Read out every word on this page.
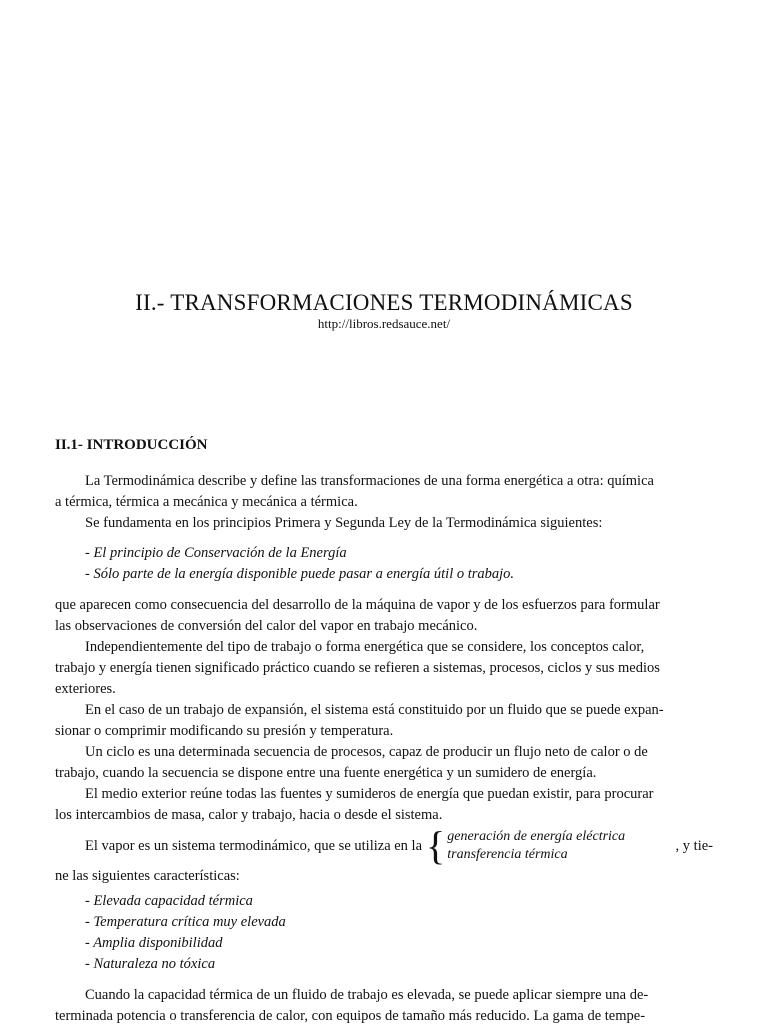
II.- TRANSFORMACIONES TERMODINÁMICAS
http://libros.redsauce.net/
II.1- INTRODUCCIÓN

La Termodinámica describe y define las transformaciones de una forma energética a otra: química

a térmica, térmica a mecánica y mecánica a térmica.

Se fundamenta en los principios Primera y Segunda Ley de la Termodinámica siguientes:

- El principio de Conservación de la Energía

- Sólo parte de la energía disponible puede pasar a energía útil o trabajo.

que aparecen como consecuencia del desarrollo de la máquina de vapor y de los esfuerzos para formular

las observaciones de conversión del calor del vapor en trabajo mecánico.

Independientemente del tipo de trabajo o forma energética que se considere, los conceptos calor,

trabajo y energía tienen significado práctico cuando se refieren a sistemas, procesos, ciclos y sus medios

exteriores.

En el caso de un trabajo de expansión, el sistema está constituido por un fluido que se puede expan-

sionar o comprimir modificando su presión y temperatura.

Un ciclo es una determinada secuencia de procesos, capaz de producir un flujo neto de calor o de

trabajo, cuando la secuencia se dispone entre una fuente energética y un sumidero de energía.

El medio exterior reúne todas las fuentes y sumideros de energía que puedan existir, para procurar

los intercambios de masa, calor y trabajo, hacia o desde el sistema.

El vapor es un sistema termodinámico, que se utiliza en la { generación de energía eléctrica
transferencia térmica
, y tie-

ne las siguientes características:

- Elevada capacidad térmica

- Temperatura crítica muy elevada

- Amplia disponibilidad

- Naturaleza no tóxica

Cuando la capacidad térmica de un fluido de trabajo es elevada, se puede aplicar siempre una de-

terminada potencia o transferencia de calor, con equipos de tamaño más reducido. La gama de tempe-
